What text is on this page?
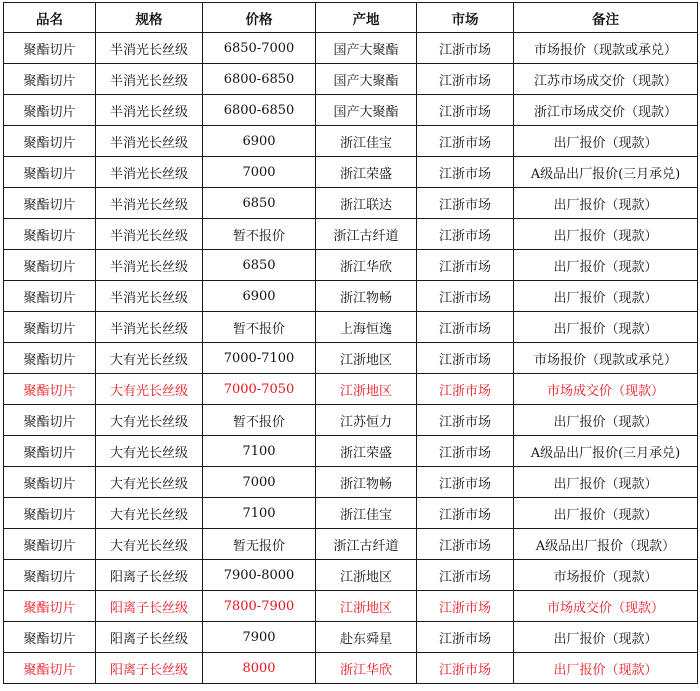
品名	规格	价格	产地	市场	备注
聚酯切片	半消光长丝级	6850-7000	国产大聚酯	江浙市场	市场报价（现款或承兑）
聚酯切片	半消光长丝级	6800-6850	国产大聚酯	江浙市场	江苏市场成交价（现款）
聚酯切片	半消光长丝级	6800-6850	国产大聚酯	江浙市场	浙江市场成交价（现款）
聚酯切片	半消光长丝级	6900	浙江佳宝	江浙市场	出厂报价（现款）
聚酯切片	半消光长丝级	7000	浙江荣盛	江浙市场	A级品出厂报价(三月承兑)
聚酯切片	半消光长丝级	6850	浙江联达	江浙市场	出厂报价（现款）
聚酯切片	半消光长丝级	暂不报价	浙江古纤道	江浙市场	出厂报价（现款）
聚酯切片	半消光长丝级	6850	浙江华欣	江浙市场	出厂报价（现款）
聚酯切片	半消光长丝级	6900	浙江物畅	江浙市场	出厂报价（现款）
聚酯切片	半消光长丝级	暂不报价	上海恒逸	江浙市场	出厂报价（现款）
聚酯切片	大有光长丝级	7000-7100	江浙地区	江浙市场	市场报价（现款或承兑）
聚酯切片	大有光长丝级	7000-7050	江浙地区	江浙市场	市场成交价（现款）
聚酯切片	大有光长丝级	暂不报价	江苏恒力	江浙市场	出厂报价（现款）
聚酯切片	大有光长丝级	7100	浙江荣盛	江浙市场	A级品出厂报价(三月承兑)
聚酯切片	大有光长丝级	7000	浙江物畅	江浙市场	出厂报价（现款）
聚酯切片	大有光长丝级	7100	浙江佳宝	江浙市场	出厂报价（现款）
聚酯切片	大有光长丝级	暂无报价	浙江古纤道	江浙市场	A级品出厂报价（现款）
聚酯切片	阳离子长丝级	7900-8000	江浙地区	江浙市场	市场报价（现款）
聚酯切片	阳离子长丝级	7800-7900	江浙地区	江浙市场	市场成交价（现款）
聚酯切片	阳离子长丝级	7900	赴东舜星	江浙市场	出厂报价（现款）
聚酯切片	阳离子长丝级	8000	浙江华欣	江浙市场	出厂报价（现款）
